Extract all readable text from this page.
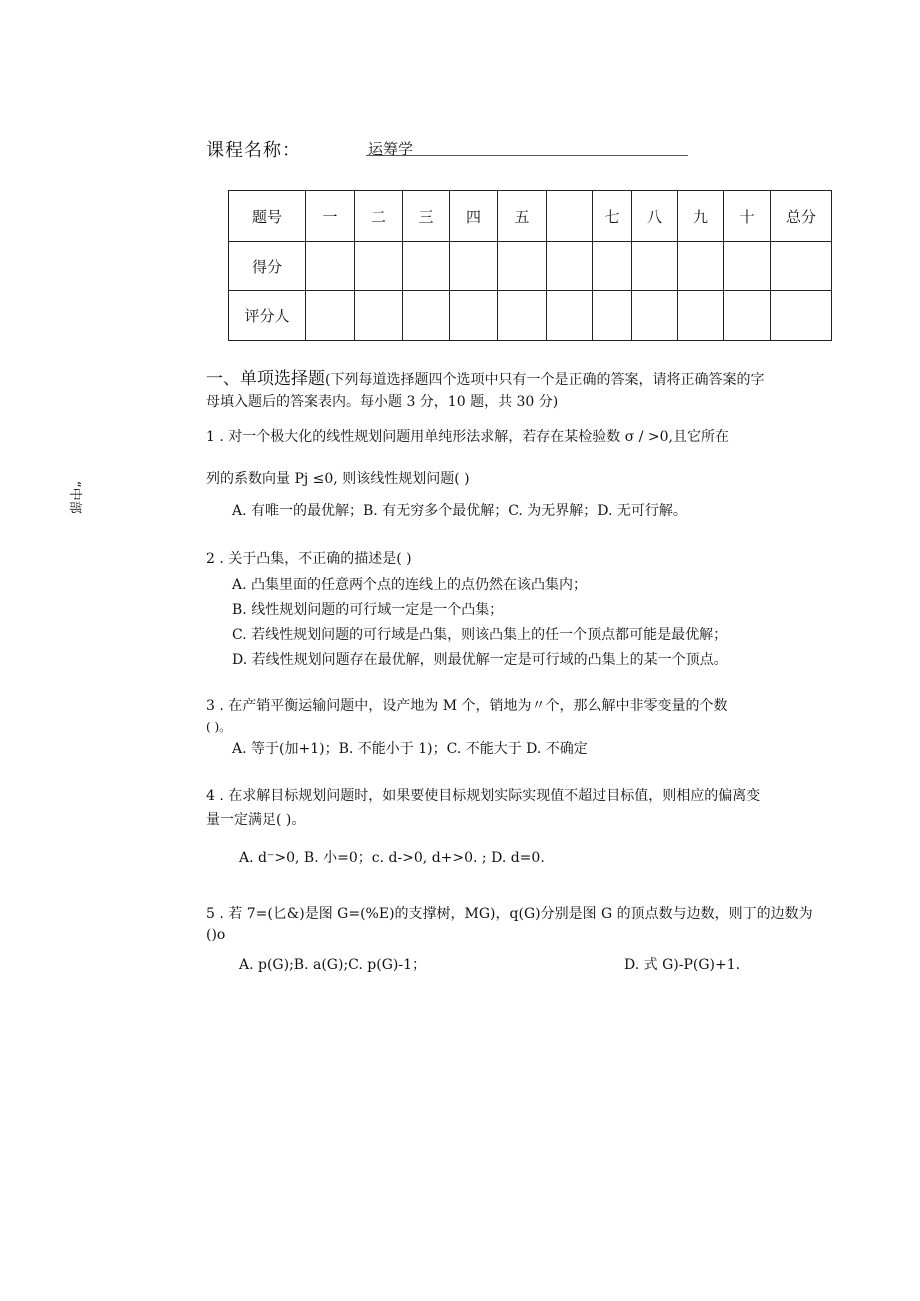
课程名称：	运筹学
题号	一	二	三	四	五		七	八	九	十	总分
得分											
评分人											
一、单项选择题(下列每道选择题四个选项中只有一个是正确的答案，请将正确答案的字
母填入题后的答案表内。每小题 3 分，10 题，共 30 分)
1 . 对一个极大化的线性规划问题用单纯形法求解，若存在某检验数 σ / >0,且它所在
列的系数向量 Pj ≤0, 则该线性规划问题( )
A. 有唯一的最优解；B. 有无穷多个最优解；C. 为无界解；D. 无可行解。
2 . 关于凸集，不正确的描述是( )
A. 凸集里面的任意两个点的连线上的点仍然在该凸集内；
B. 线性规划问题的可行域一定是一个凸集；
C. 若线性规划问题的可行域是凸集，则该凸集上的任一个顶点都可能是最优解；
D. 若线性规划问题存在最优解，则最优解一定是可行域的凸集上的某一个顶点。
3 . 在产销平衡运输问题中，设产地为 M 个，销地为〃个，那么解中非零变量的个数
( )。
A. 等于(加+1)；B. 不能小于 1)；C. 不能大于 D. 不确定
4 . 在求解目标规划问题时，如果要使目标规划实际实现值不超过目标值，则相应的偏离变
量一定满足( )。
A. d⁻>0, B. 小=0；c. d->0, d+>0. ; D. d=0.
5 . 若 7=(匕&)是图 G=(%E)的支撑树，MG)，q(G)分别是图 G 的顶点数与边数，则丁的边数为
()o
A. p(G);B. a(G);C. p(G)-1；	D. 式 G)-P(G)+1.
“中部
